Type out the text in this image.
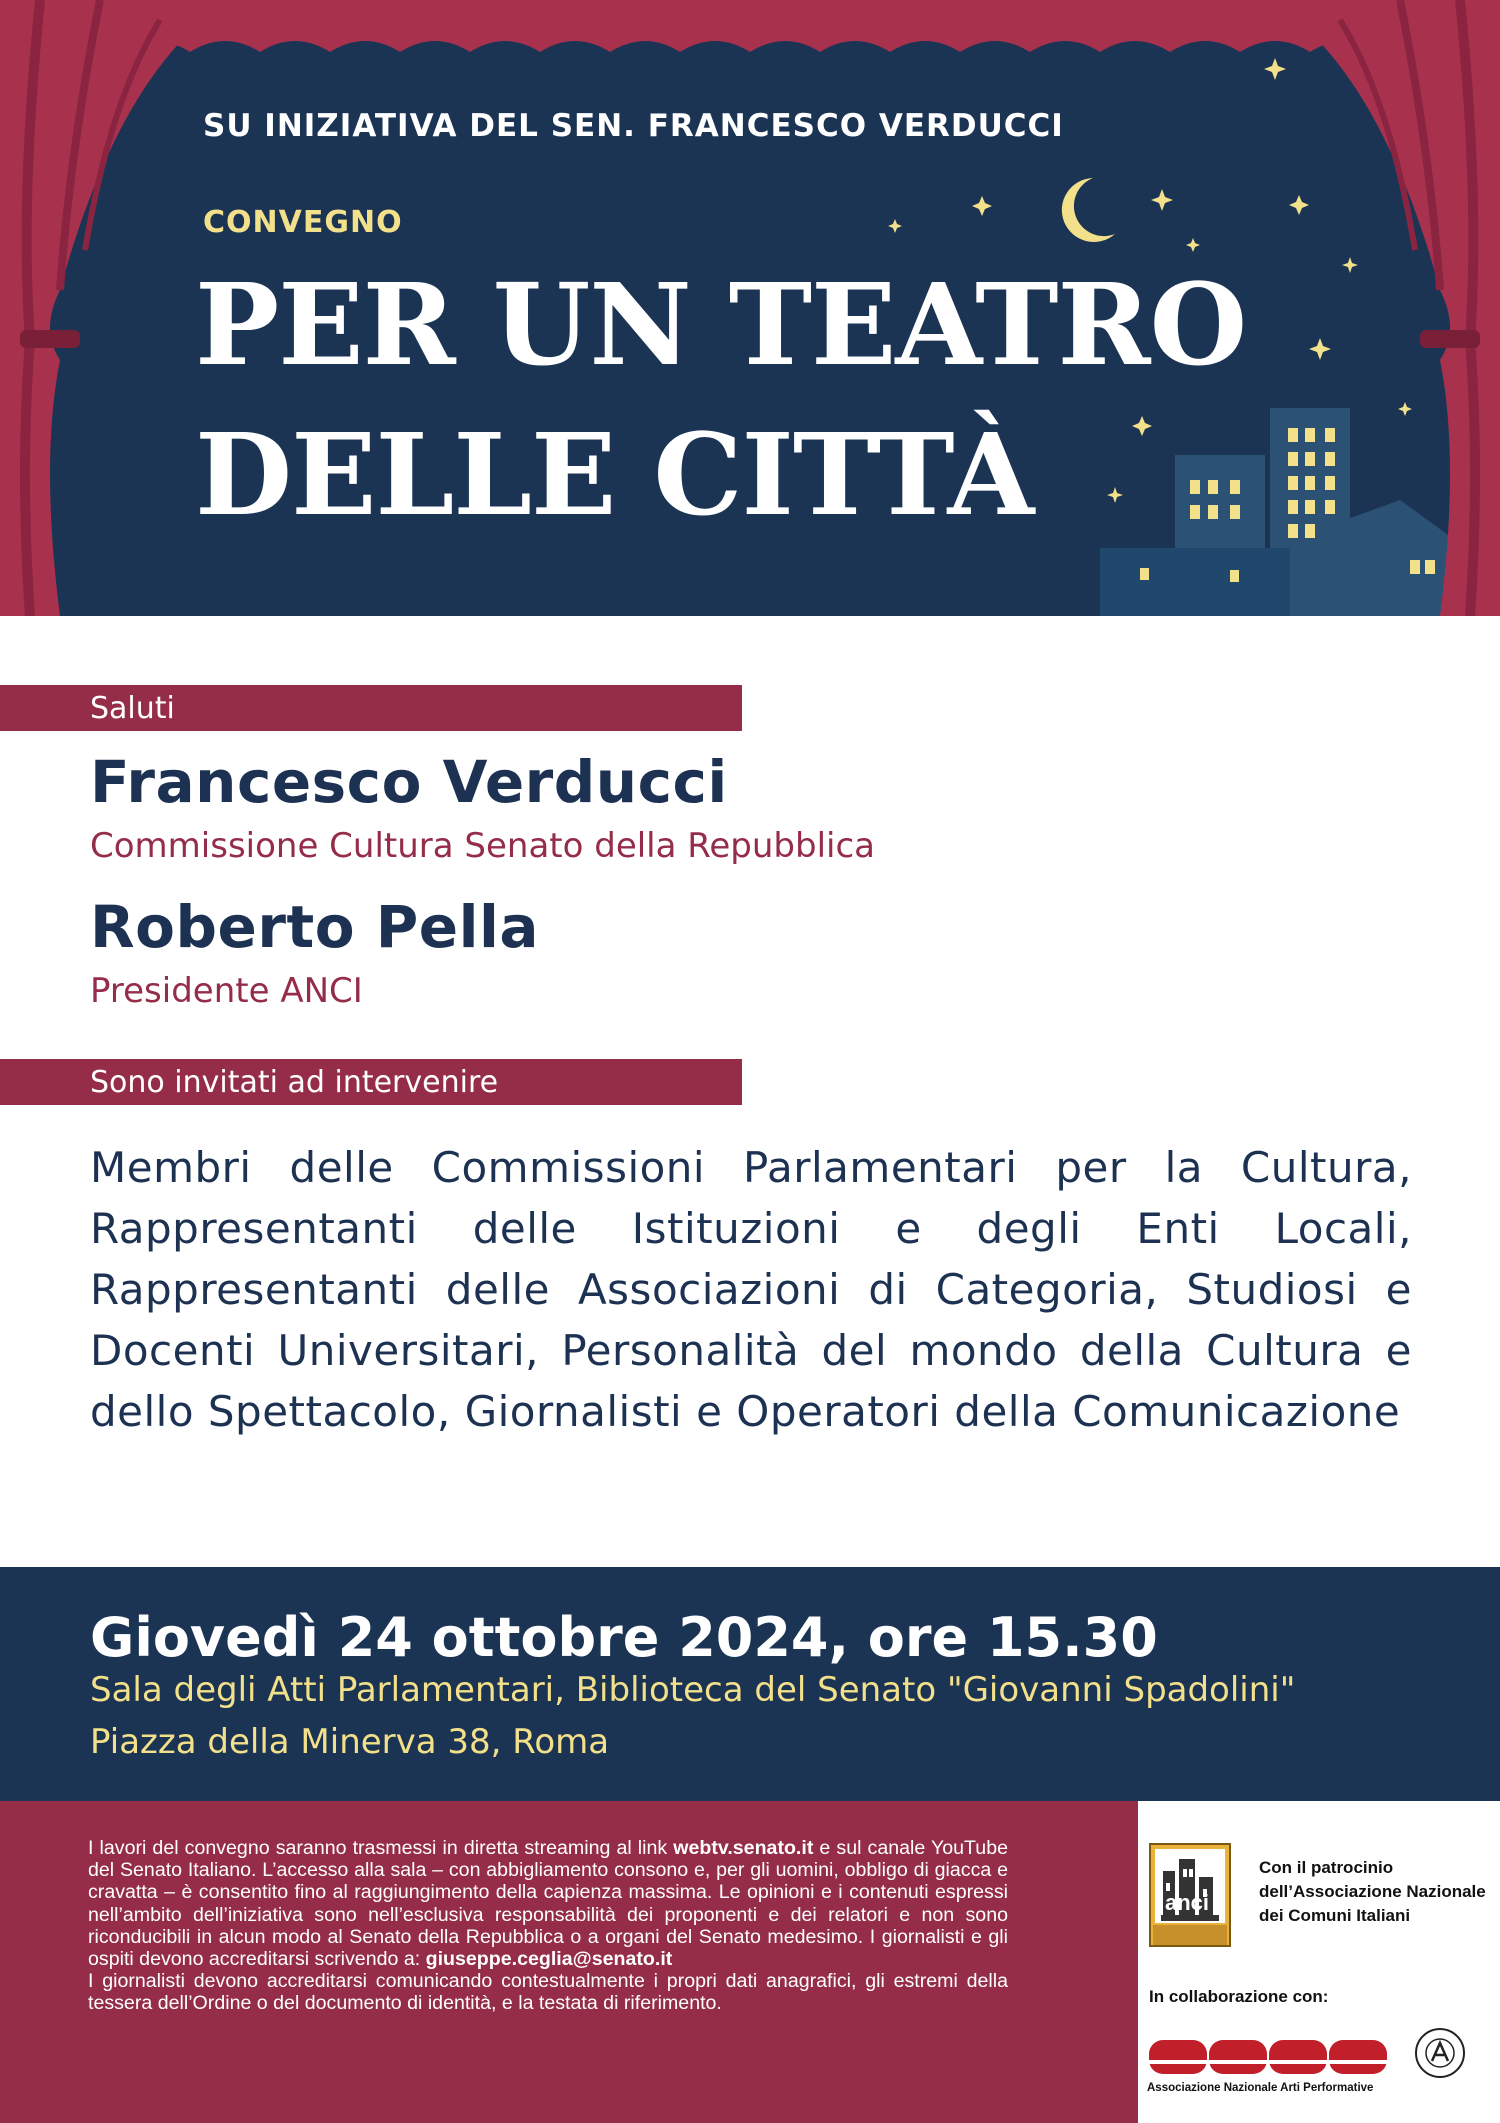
SU INIZIATIVA DEL SEN. FRANCESCO VERDUCCI
CONVEGNO
PER UN TEATRO
DELLE CITTÀ
Saluti
Francesco Verducci
Commissione Cultura Senato della Repubblica
Roberto Pella
Presidente ANCI
Sono invitati ad intervenire
Membri delle Commissioni Parlamentari per la Cultura, Rappresentanti delle Istituzioni e degli Enti Locali, Rappresentanti delle Associazioni di Categoria, Studiosi e Docenti Universitari, Personalità del mondo della Cultura e dello Spettacolo, Giornalisti e Operatori della Comunicazione
Giovedì 24 ottobre 2024, ore 15.30
Sala degli Atti Parlamentari, Biblioteca del Senato "Giovanni Spadolini"
Piazza della Minerva 38, Roma
I lavori del convegno saranno trasmessi in diretta streaming al link webtv.senato.it e sul canale YouTube del Senato Italiano. L’accesso alla sala – con abbigliamento consono e, per gli uomini, obbligo di giacca e cravatta – è consentito fino al raggiungimento della capienza massima. Le opinioni e i contenuti espressi nell’ambito dell’iniziativa sono nell’esclusiva responsabilità dei proponenti e dei relatori e non sono riconducibili in alcun modo al Senato della Repubblica o a organi del Senato medesimo. I giornalisti e gli ospiti devono accreditarsi scrivendo a: giuseppe.ceglia@senato.it
I giornalisti devono accreditarsi comunicando contestualmente i propri dati anagrafici, gli estremi della tessera dell’Ordine o del documento di identità, e la testata di riferimento.
anci
Con il patrocinio dell’Associazione Nazionale dei Comuni Italiani
In collaborazione con:
Associazione Nazionale Arti Performative
